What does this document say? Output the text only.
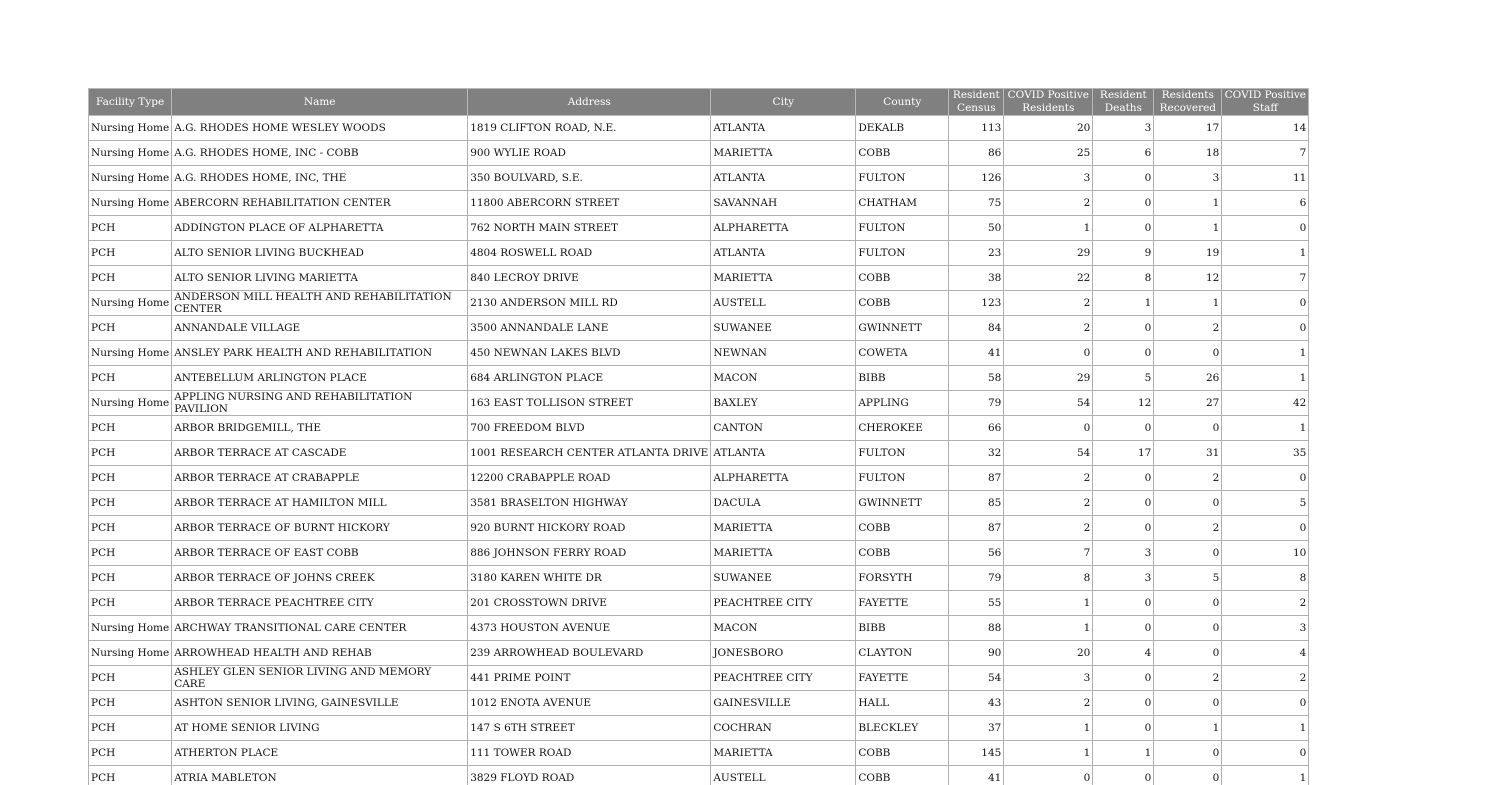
Facility Type	Name	Address	City	County	Resident Census	COVID Positive Residents	Resident Deaths	Residents Recovered	COVID Positive Staff
Nursing Home	A.G. RHODES HOME WESLEY WOODS	1819 CLIFTON ROAD, N.E.	ATLANTA	DEKALB	113	20	3	17	14
Nursing Home	A.G. RHODES HOME, INC - COBB	900 WYLIE ROAD	MARIETTA	COBB	86	25	6	18	7
Nursing Home	A.G. RHODES HOME, INC, THE	350 BOULVARD, S.E.	ATLANTA	FULTON	126	3	0	3	11
Nursing Home	ABERCORN REHABILITATION CENTER	11800 ABERCORN STREET	SAVANNAH	CHATHAM	75	2	0	1	6
PCH	ADDINGTON PLACE OF ALPHARETTA	762 NORTH MAIN STREET	ALPHARETTA	FULTON	50	1	0	1	0
PCH	ALTO SENIOR LIVING BUCKHEAD	4804 ROSWELL ROAD	ATLANTA	FULTON	23	29	9	19	1
PCH	ALTO SENIOR LIVING MARIETTA	840 LECROY DRIVE	MARIETTA	COBB	38	22	8	12	7
Nursing Home	ANDERSON MILL HEALTH AND REHABILITATION CENTER	2130 ANDERSON MILL RD	AUSTELL	COBB	123	2	1	1	0
PCH	ANNANDALE VILLAGE	3500 ANNANDALE LANE	SUWANEE	GWINNETT	84	2	0	2	0
Nursing Home	ANSLEY PARK HEALTH AND REHABILITATION	450 NEWNAN LAKES BLVD	NEWNAN	COWETA	41	0	0	0	1
PCH	ANTEBELLUM ARLINGTON PLACE	684 ARLINGTON PLACE	MACON	BIBB	58	29	5	26	1
Nursing Home	APPLING NURSING AND REHABILITATION PAVILION	163 EAST TOLLISON STREET	BAXLEY	APPLING	79	54	12	27	42
PCH	ARBOR BRIDGEMILL, THE	700 FREEDOM BLVD	CANTON	CHEROKEE	66	0	0	0	1
PCH	ARBOR TERRACE AT CASCADE	1001 RESEARCH CENTER ATLANTA DRIVE	ATLANTA	FULTON	32	54	17	31	35
PCH	ARBOR TERRACE AT CRABAPPLE	12200 CRABAPPLE ROAD	ALPHARETTA	FULTON	87	2	0	2	0
PCH	ARBOR TERRACE AT HAMILTON MILL	3581 BRASELTON HIGHWAY	DACULA	GWINNETT	85	2	0	0	5
PCH	ARBOR TERRACE OF BURNT HICKORY	920 BURNT HICKORY ROAD	MARIETTA	COBB	87	2	0	2	0
PCH	ARBOR TERRACE OF EAST COBB	886 JOHNSON FERRY ROAD	MARIETTA	COBB	56	7	3	0	10
PCH	ARBOR TERRACE OF JOHNS CREEK	3180 KAREN WHITE DR	SUWANEE	FORSYTH	79	8	3	5	8
PCH	ARBOR TERRACE PEACHTREE CITY	201 CROSSTOWN DRIVE	PEACHTREE CITY	FAYETTE	55	1	0	0	2
Nursing Home	ARCHWAY TRANSITIONAL CARE CENTER	4373 HOUSTON AVENUE	MACON	BIBB	88	1	0	0	3
Nursing Home	ARROWHEAD HEALTH AND REHAB	239 ARROWHEAD BOULEVARD	JONESBORO	CLAYTON	90	20	4	0	4
PCH	ASHLEY GLEN SENIOR LIVING AND MEMORY CARE	441 PRIME POINT	PEACHTREE CITY	FAYETTE	54	3	0	2	2
PCH	ASHTON SENIOR LIVING, GAINESVILLE	1012 ENOTA AVENUE	GAINESVILLE	HALL	43	2	0	0	0
PCH	AT HOME SENIOR LIVING	147 S 6TH STREET	COCHRAN	BLECKLEY	37	1	0	1	1
PCH	ATHERTON PLACE	111 TOWER ROAD	MARIETTA	COBB	145	1	1	0	0
PCH	ATRIA MABLETON	3829 FLOYD ROAD	AUSTELL	COBB	41	0	0	0	1
